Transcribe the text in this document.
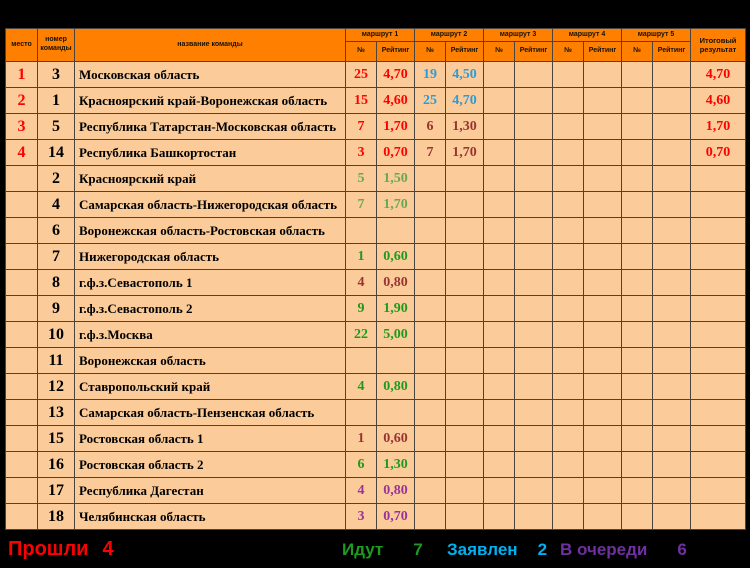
место	номер команды	название команды	маршрут 1		маршрут 2		маршрут 3		маршрут 4		маршрут 5		Итоговый результат
			№	Рейтинг	№	Рейтинг	№	Рейтинг	№	Рейтинг	№	Рейтинг	
1	3	Московская область	25	4,70	19	4,50							4,70
2	1	Красноярский край-Воронежская область	15	4,60	25	4,70							4,60
3	5	Республика Татарстан-Московская область	7	1,70	6	1,30							1,70
4	14	Республика Башкортостан	3	0,70	7	1,70							0,70
	2	Красноярский край	5	1,50									
	4	Самарская область-Нижегородская область	7	1,70									
	6	Воронежская область-Ростовская область											
	7	Нижегородская область	1	0,60									
	8	г.ф.з.Севастополь 1	4	0,80									
	9	г.ф.з.Севастополь 2	9	1,90									
	10	г.ф.з.Москва	22	5,00									
	11	Воронежская область											
	12	Ставропольский край	4	0,80									
	13	Самарская область-Пензенская область											
	15	Ростовская область 1	1	0,60									
	16	Ростовская область 2	6	1,30									
	17	Республика Дагестан	4	0,80									
	18	Челябинская область	3	0,70									
Прошли 4	Идут 7 Заявлен 2 В очереди 6
